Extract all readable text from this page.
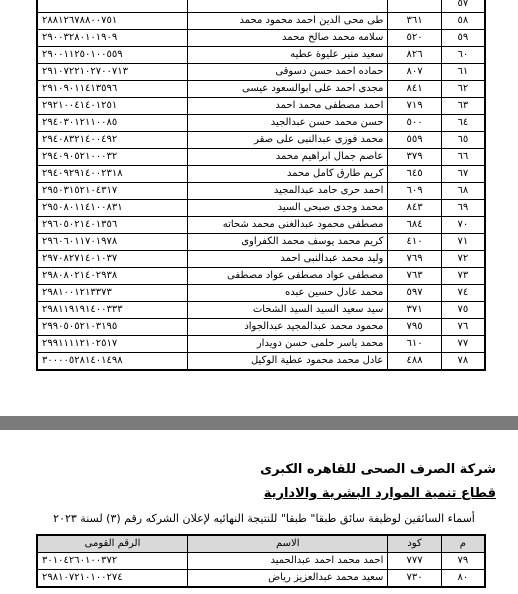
٥٧			
٥٨	٣٦١	طى محى الدين احمد محمود محمد	٢٨٨١٢٦٧٨٨٠٠٧٥١
٥٩	٥٢٠	سلامه محمد صالح محمد	٢٩٠٠٣٢٨٠١٠١٩٠٩
٦٠	٨٢٦	سعيد منير عليوة عطيه	٢٩٠٠١١٢٥٠١٠٠٥٥٩
٦١	٨٠٧	حماده احمد حسن دسوقى	٢٩١٠٧٢٢١٠٢٧٠٠٧١٣
٦٢	٨٤١	مجدى احمد على ابوالسعود عيسى	٢٩١٠٩٠١١٤١٣٥٩٦
٦٣	٧١٩	احمد مصطفى محمد احمد	٢٩٢١٠٠٤١٤٠١٢٥١
٦٤	٥٠٠	حسن محمد حسن عبدالجيد	٢٩٤٠٣٠١٢١١٠٠٨٥
٦٥	٥٥٩	محمد فوزى عبدالنبى على صقر	٢٩٤٠٨٣٢١٤٠٠٤٩٢
٦٦	٣٧٩	عاصم جمال ابراهيم محمد	٢٩٤٠٩٠٥٢١٠٠٠٣٢
٦٧	٦٤٥	كريم طارق كامل محمد	٢٩٤٠٩٢٩١٤٠٠٢٣١٨
٦٨	٦٠٩	احمد حرى حامد عبدالمجيد	٢٩٥٠٣١٥٢١٠٤٣١٧
٦٩	٨٤٣	محمد وجدى صبحى السيد	٢٩٥٠٨٠١١٤١٠٠٨٣١
٧٠	٦٨٤	مصطفى محمود عبدالغنى محمد شحاته	٢٩٦٠٥٠٢١٤٠١٣٥٦
٧١	٤١٠	كريم محمد يوسف محمد الكفراوى	٢٩٦٠٦٠١١٧٠١٩٧٨
٧٢	٧٦٩	وليد محمد عبدالنبى احمد	٢٩٧٠٨٢٧١٤٠١٠٣٧
٧٣	٧٦٣	مصطفى عواد مصطفى عواد مصطفى	٢٩٨٠٨٠٢١٤٠٢٩٣٨
٧٤	٥٩٧	محمد عادل حسين عبده	٢٩٨١٠٠١٢١٣٣٧٣
٧٥	٣٧١	سيد سعيد السيد السيد الشحات	٢٩٨١١٩١٩١٤٠٠٣٣٣
٧٦	٧٩٥	محمود محمد عبدالمجيد عبدالجواد	٢٩٩٠٥٠٥٢١٠٣١٩٥
٧٧	٦١٠	محمد ياسر حلمى حسن دويدار	٢٩٩١١١١٢١٠٢٥١٧
٧٨	٤٨٨	عادل محمد محمود عطية الوكيل	٣٠٠٠٠٥٢٨١٤٠١٤٩٨
شركة الصرف الصحى للقاهره الكبرى
قطاع تنمية الموارد البشرية والادارية
أسماء السائقين لوظيفة سائق طبقا" طبقا" للنتيجة النهائيه لإعلان الشركه رقم (٣) لسنة ٢٠٢٣
م	كود	الاسم	الرقم القومى
٧٩	٧٧٧	احمد محمد احمد عبدالحميد	٣٠١٠٤٢٦٠١٠٠٣٧٢
٨٠	٧٣٠	سعيد محمد عبدالعزيز رياض	٢٩٨١٠٧٢١٠١٠٠٢٧٤
